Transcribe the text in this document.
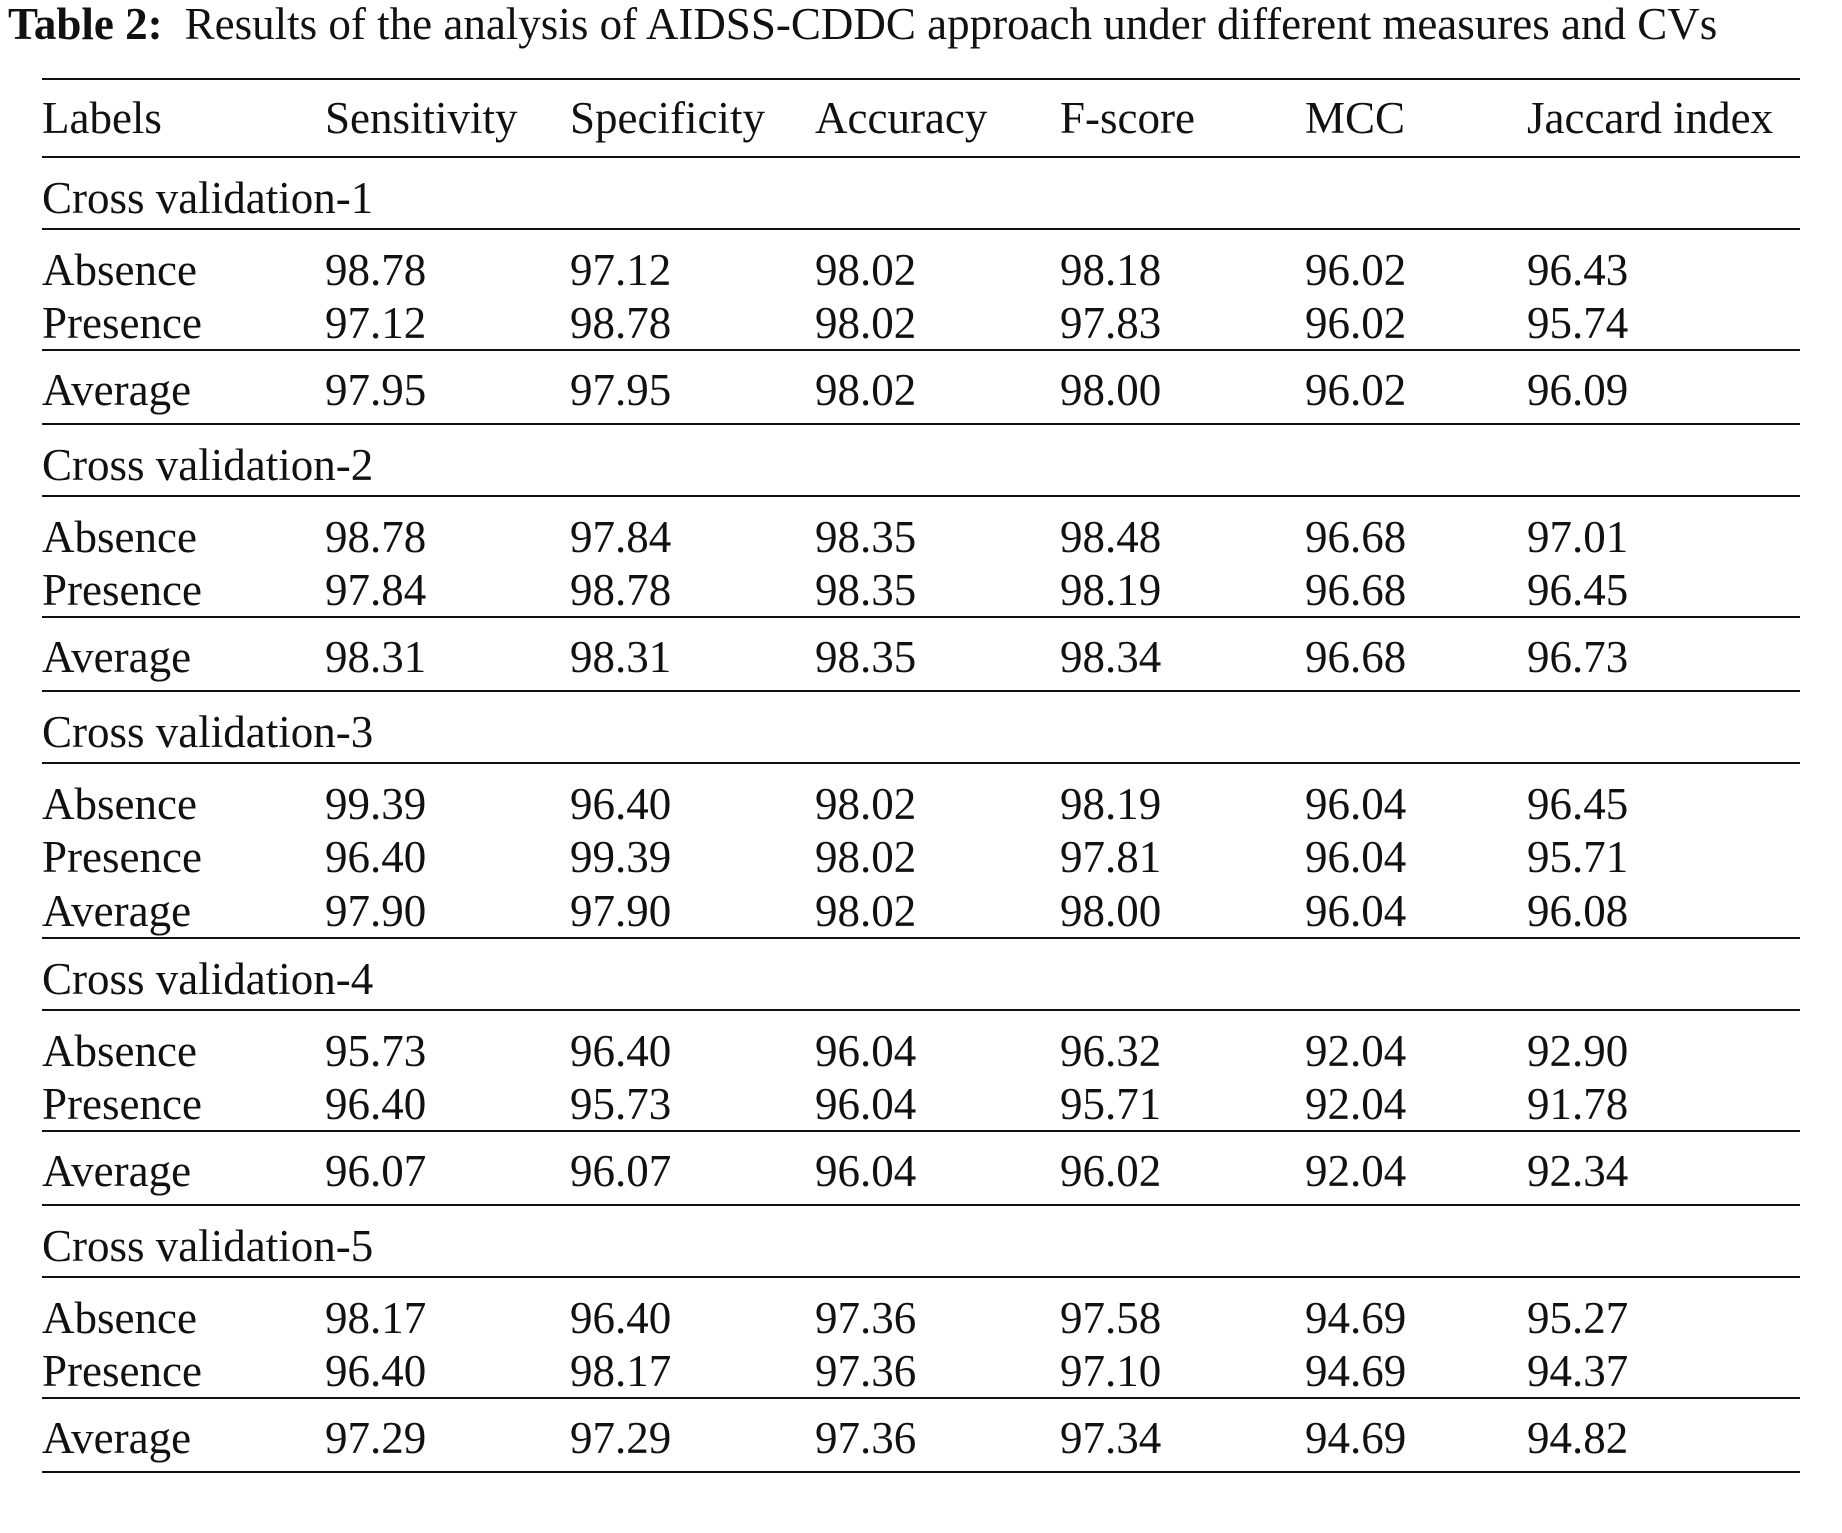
Table 2: Results of the analysis of AIDSS-CDDC approach under different measures and CVs
Labels	Sensitivity	Specificity	Accuracy	F-score	MCC	Jaccard index
Cross validation-1						
Absence	98.78	97.12	98.02	98.18	96.02	96.43
Presence	97.12	98.78	98.02	97.83	96.02	95.74
Average	97.95	97.95	98.02	98.00	96.02	96.09
Cross validation-2						
Absence	98.78	97.84	98.35	98.48	96.68	97.01
Presence	97.84	98.78	98.35	98.19	96.68	96.45
Average	98.31	98.31	98.35	98.34	96.68	96.73
Cross validation-3						
Absence	99.39	96.40	98.02	98.19	96.04	96.45
Presence	96.40	99.39	98.02	97.81	96.04	95.71
Average	97.90	97.90	98.02	98.00	96.04	96.08
Cross validation-4						
Absence	95.73	96.40	96.04	96.32	92.04	92.90
Presence	96.40	95.73	96.04	95.71	92.04	91.78
Average	96.07	96.07	96.04	96.02	92.04	92.34
Cross validation-5						
Absence	98.17	96.40	97.36	97.58	94.69	95.27
Presence	96.40	98.17	97.36	97.10	94.69	94.37
Average	97.29	97.29	97.36	97.34	94.69	94.82
